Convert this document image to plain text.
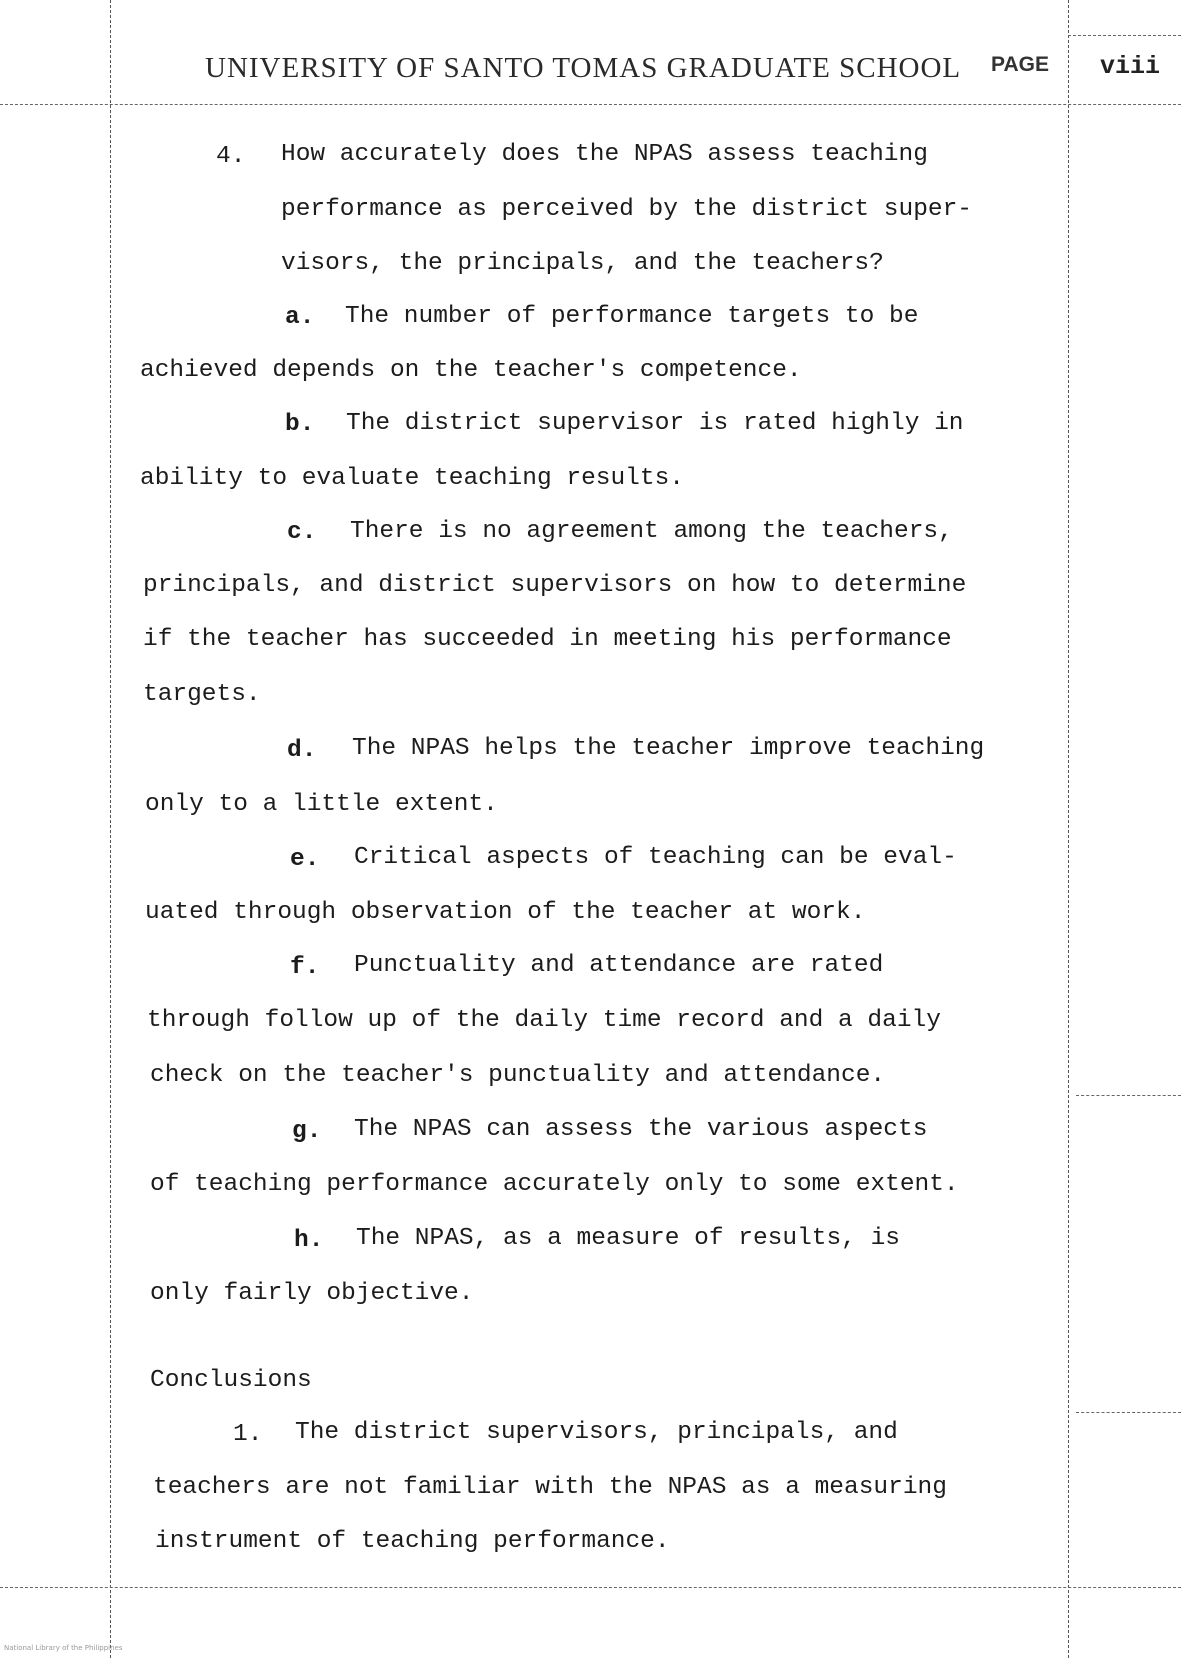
UNIVERSITY OF SANTO TOMAS GRADUATE SCHOOL PAGE viii
4. How accurately does the NPAS assess teaching
performance as perceived by the district super-
visors, the principals, and the teachers?
a.	The number of performance targets to be
achieved depends on the teacher's competence.
b.	The district supervisor is rated highly in
ability to evaluate teaching results.
c.	There is no agreement among the teachers,
principals, and district supervisors on how to determine
if the teacher has succeeded in meeting his performance
targets.
d.	The NPAS helps the teacher improve teaching
only to a little extent.
e.	Critical aspects of teaching can be eval-
uated through observation of the teacher at work.
f.	Punctuality and attendance are rated
through follow up of the daily time record and a daily
check on the teacher's punctuality and attendance.
g.	The NPAS can assess the various aspects
of teaching performance accurately only to some extent.
h.	The NPAS, as a measure of results, is
only fairly objective.
Conclusions
1. The district supervisors, principals, and
teachers are not familiar with the NPAS as a measuring
instrument of teaching performance.
National Library of the Philippines
